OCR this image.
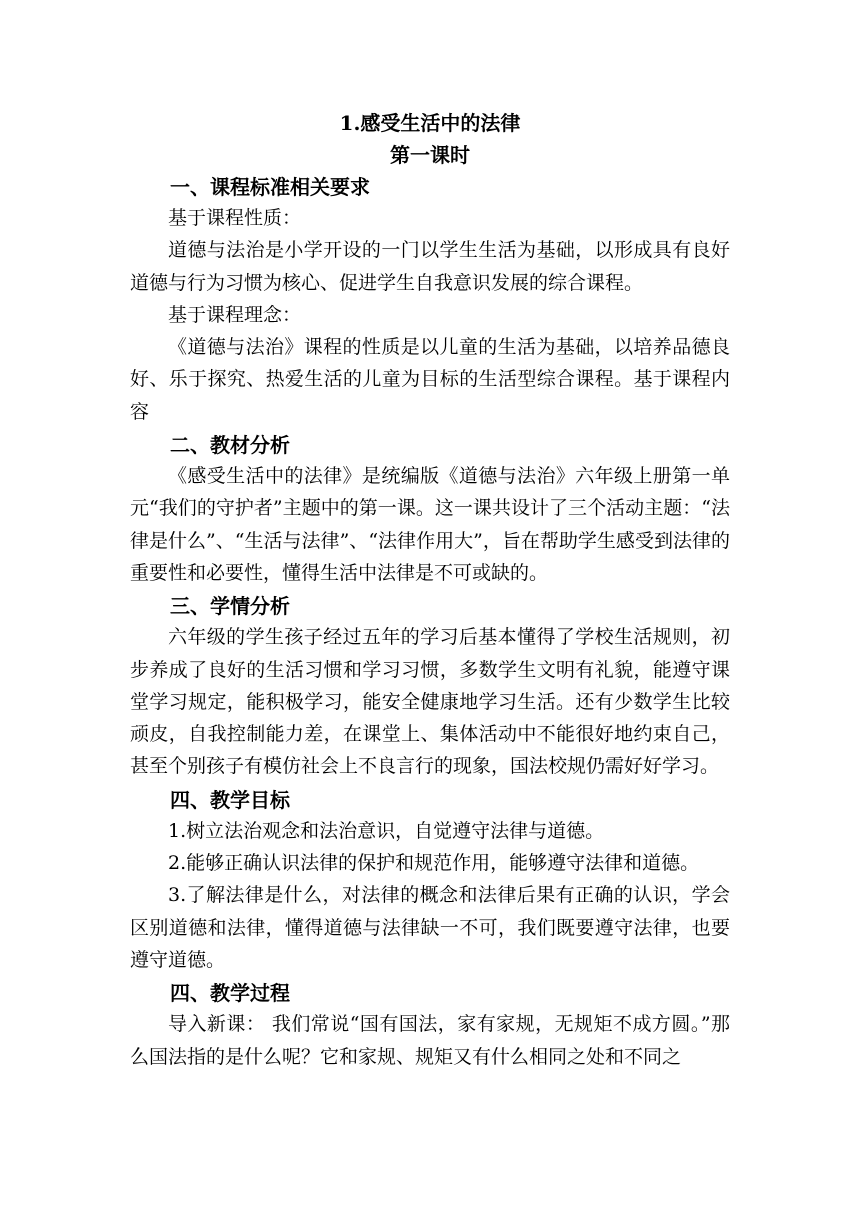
1.感受生活中的法律
第一课时
一、课程标准相关要求

基于课程性质：

道德与法治是小学开设的一门以学生生活为基础，以形成具有良好道德与行为习惯为核心、促进学生自我意识发展的综合课程。

基于课程理念：

《道德与法治》课程的性质是以儿童的生活为基础，以培养品德良好、乐于探究、热爱生活的儿童为目标的生活型综合课程。基于课程内容

二、教材分析

《感受生活中的法律》是统编版《道德与法治》六年级上册第一单元“我们的守护者”主题中的第一课。这一课共设计了三个活动主题：“法律是什么”、“生活与法律”、“法律作用大”，旨在帮助学生感受到法律的重要性和必要性，懂得生活中法律是不可或缺的。

三、学情分析

六年级的学生孩子经过五年的学习后基本懂得了学校生活规则，初步养成了良好的生活习惯和学习习惯，多数学生文明有礼貌，能遵守课堂学习规定，能积极学习，能安全健康地学习生活。还有少数学生比较顽皮，自我控制能力差，在课堂上、集体活动中不能很好地约束自己，甚至个别孩子有模仿社会上不良言行的现象，国法校规仍需好好学习。

四、教学目标

1.树立法治观念和法治意识，自觉遵守法律与道德。

2.能够正确认识法律的保护和规范作用，能够遵守法律和道德。

3.了解法律是什么，对法律的概念和法律后果有正确的认识，学会区别道德和法律，懂得道德与法律缺一不可，我们既要遵守法律，也要遵守道德。

四、教学过程

导入新课： 我们常说“国有国法，家有家规，无规矩不成方圆。”那么国法指的是什么呢？它和家规、规矩又有什么相同之处和不同之
